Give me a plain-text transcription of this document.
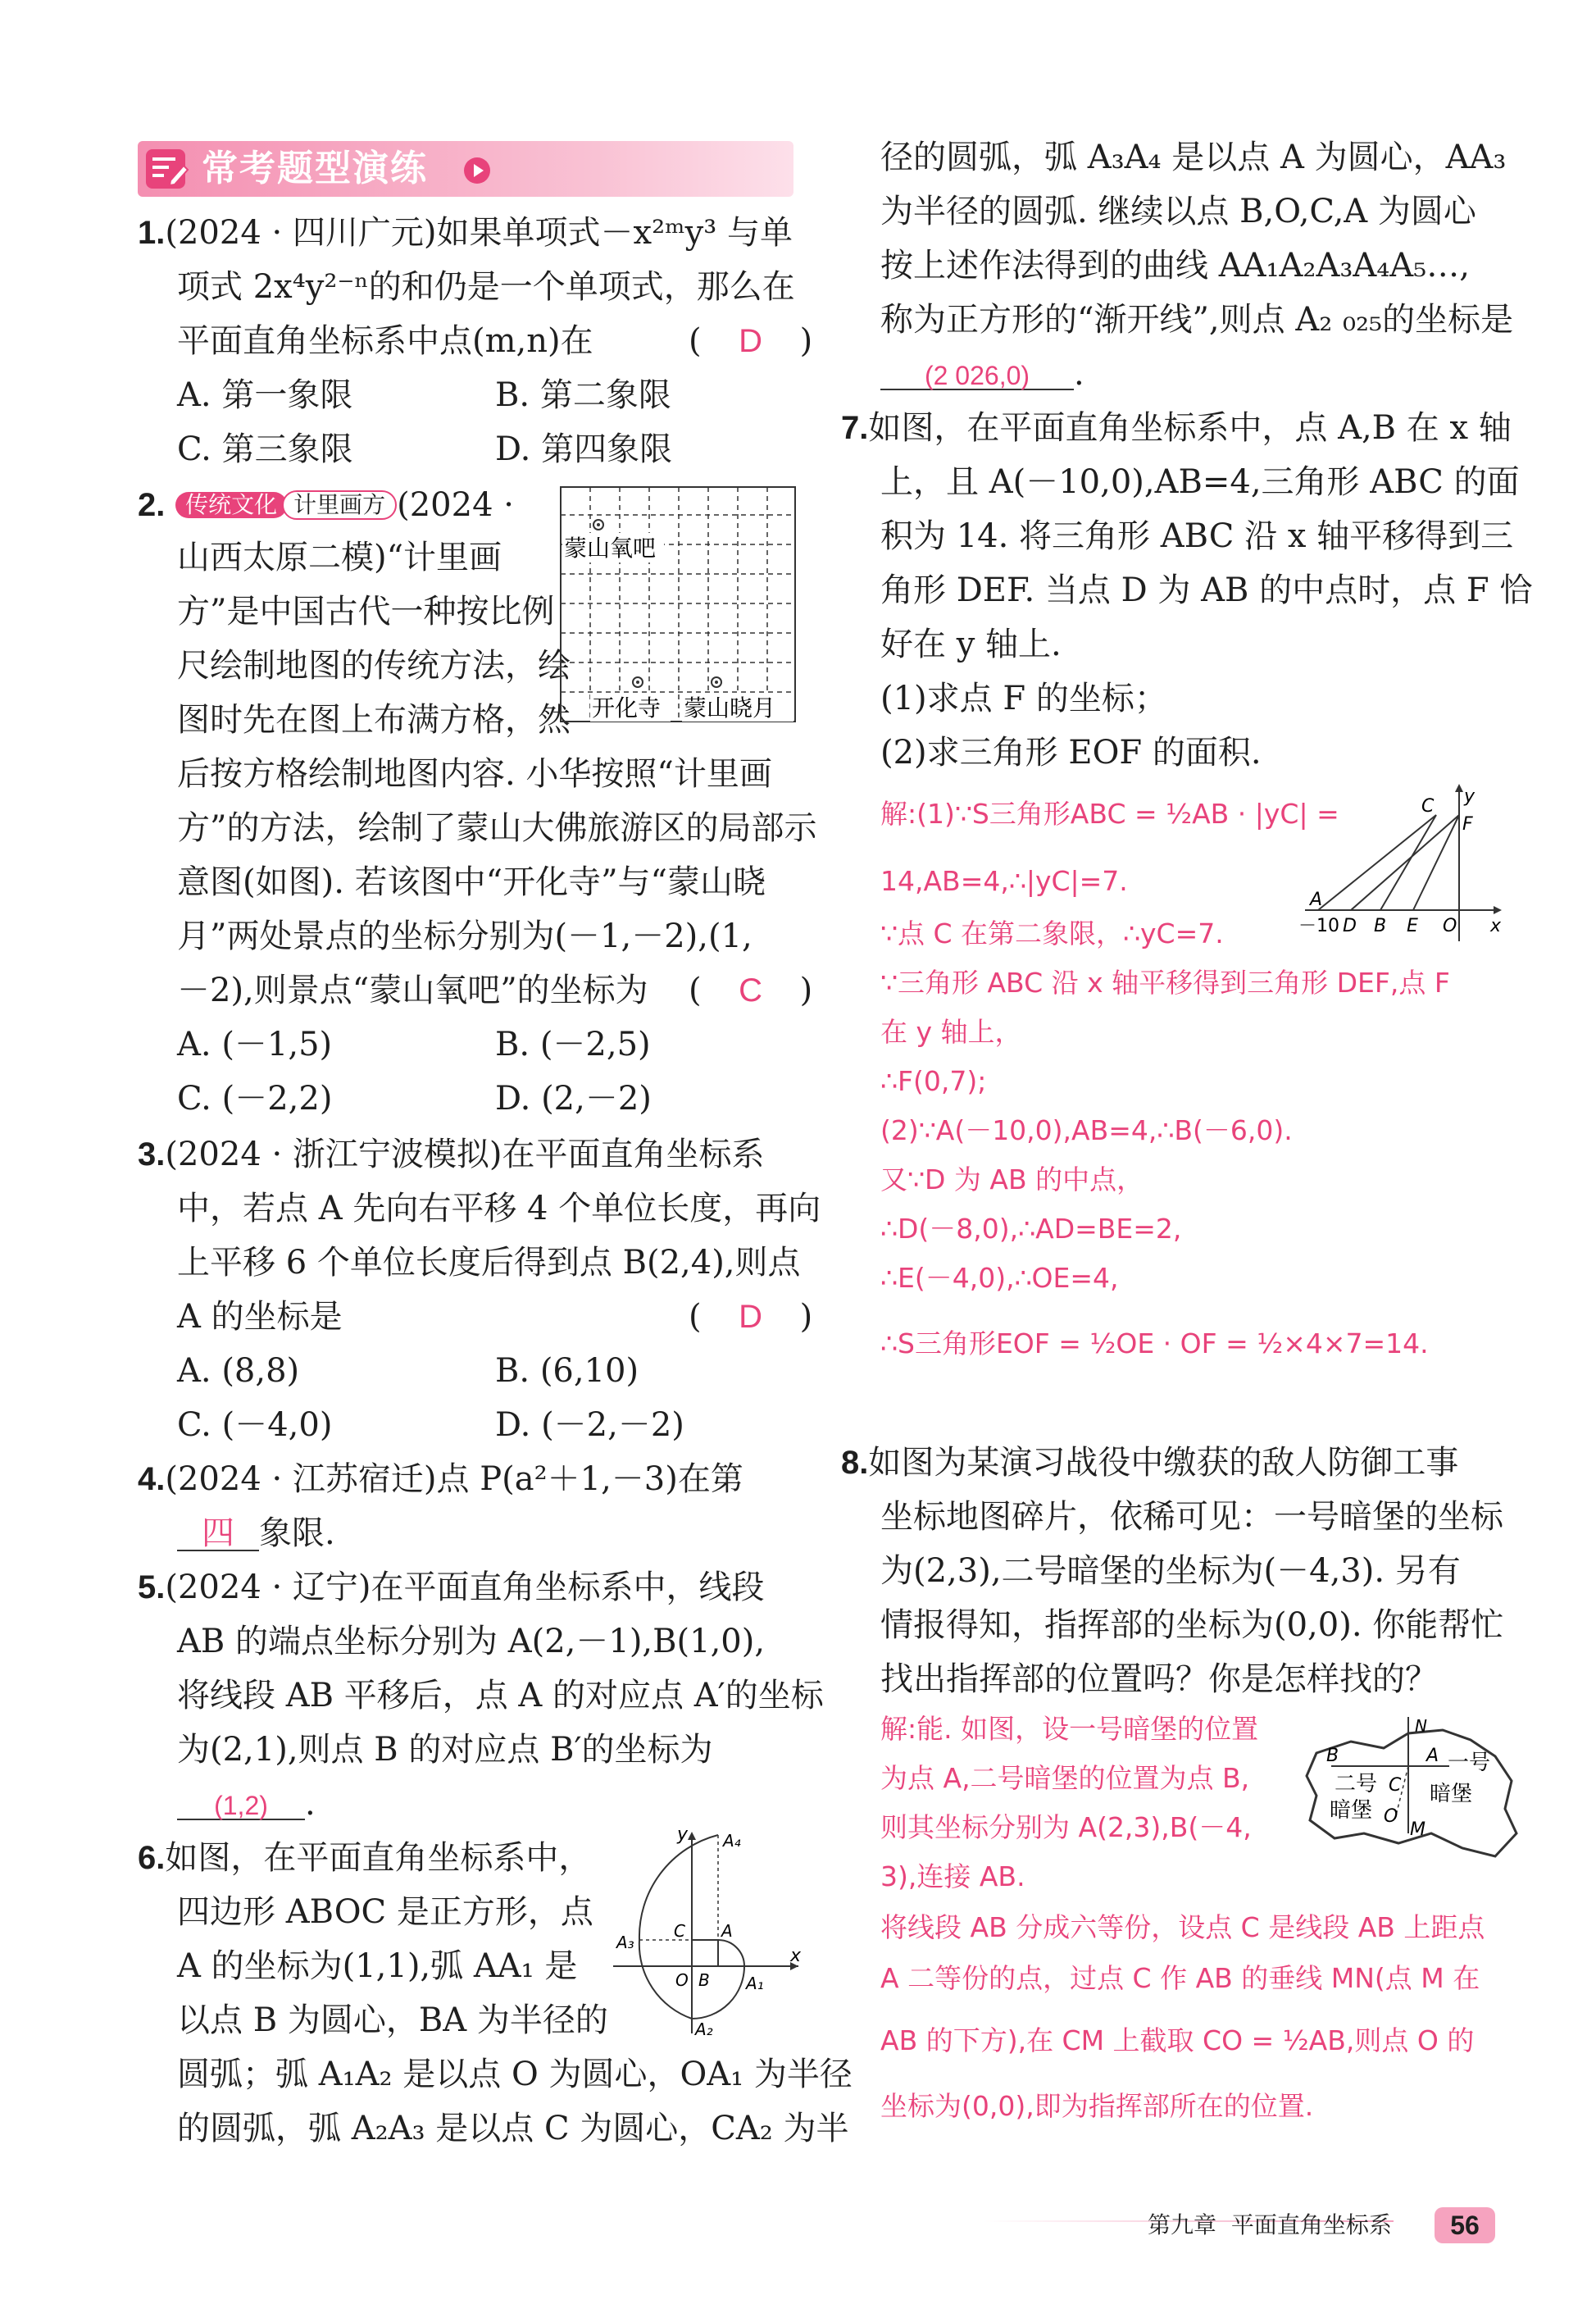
常考题型演练
1.(2024 · 四川广元)如果单项式－x²ᵐy³ 与单
项式 2x⁴y²⁻ⁿ的和仍是一个单项式，那么在
平面直角坐标系中点(m,n)在	( D )
A. 第一象限	B. 第二象限
C. 第三象限	D. 第四象限
2. 传统文化 计里画方 (2024 ·
山西太原二模)“计里画
方”是中国古代一种按比例
尺绘制地图的传统方法，绘
图时先在图上布满方格，然
后按方格绘制地图内容. 小华按照“计里画
方”的方法，绘制了蒙山大佛旅游区的局部示
意图(如图). 若该图中“开化寺”与“蒙山晓
月”两处景点的坐标分别为(－1,－2),(1,
－2),则景点“蒙山氧吧”的坐标为 ( C )
A. (－1,5)	B. (－2,5)
C. (－2,2)	D. (2,－2)
蒙山氧吧
开化寺 蒙山晓月
3.(2024 · 浙江宁波模拟)在平面直角坐标系
中，若点 A 先向右平移 4 个单位长度，再向
上平移 6 个单位长度后得到点 B(2,4),则点
A 的坐标是	( D )
A. (8,8)	B. (6,10)
C. (－4,0)	D. (－2,－2)
4.(2024 · 江苏宿迁)点 P(a²＋1,－3)在第
四 象限.
5.(2024 · 辽宁)在平面直角坐标系中，线段
AB 的端点坐标分别为 A(2,－1),B(1,0),
将线段 AB 平移后，点 A 的对应点 A′的坐标
为(2,1),则点 B 的对应点 B′的坐标为
(1,2) .
6.如图，在平面直角坐标系中，
四边形 ABOC 是正方形，点
A 的坐标为(1,1),弧 AA₁ 是
以点 B 为圆心，BA 为半径的
圆弧；弧 A₁A₂ 是以点 O 为圆心，OA₁ 为半径
的圆弧，弧 A₂A₃ 是以点 C 为圆心，CA₂ 为半
y
x
A₄
A₃
C A
O B A₁
A₂
径的圆弧，弧 A₃A₄ 是以点 A 为圆心，AA₃
为半径的圆弧. 继续以点 B,O,C,A 为圆心
按上述作法得到的曲线 AA₁A₂A₃A₄A₅…,
称为正方形的“渐开线”,则点 A₂ ₀₂₅的坐标是
(2 026,0) .
7.如图，在平面直角坐标系中，点 A,B 在 x 轴
上，且 A(－10,0),AB=4,三角形 ABC 的面
积为 14. 将三角形 ABC 沿 x 轴平移得到三
角形 DEF. 当点 D 为 AB 的中点时，点 F 恰
好在 y 轴上.
(1)求点 F 的坐标；
(2)求三角形 EOF 的面积.
解:(1)∵S三角形ABC = ½AB · |yC| =
14,AB=4,∴|yC|=7.
∵点 C 在第二象限，∴yC=7.
∵三角形 ABC 沿 x 轴平移得到三角形 DEF,点 F
在 y 轴上，
∴F(0,7);
(2)∵A(－10,0),AB=4,∴B(－6,0).
又∵D 为 AB 的中点，
∴D(－8,0),∴AD=BE=2,
∴E(－4,0),∴OE=4,
∴S三角形EOF = ½OE · OF = ½×4×7=14.
y
C
F
A
－10 D B E O x
8.如图为某演习战役中缴获的敌人防御工事
坐标地图碎片，依稀可见：一号暗堡的坐标
为(2,3),二号暗堡的坐标为(－4,3). 另有
情报得知，指挥部的坐标为(0,0). 你能帮忙
找出指挥部的位置吗？你是怎样找的？
解:能. 如图，设一号暗堡的位置
为点 A,二号暗堡的位置为点 B,
则其坐标分别为 A(2,3),B(－4,
3),连接 AB.
将线段 AB 分成六等份，设点 C 是线段 AB 上距点
A 二等份的点，过点 C 作 AB 的垂线 MN(点 M 在
AB 的下方),在 CM 上截取 CO = ½AB,则点 O 的
坐标为(0,0),即为指挥部所在的位置.
N
B
二号
暗堡
C
A 一号
暗堡
O
M
第九章 平面直角坐标系	56
